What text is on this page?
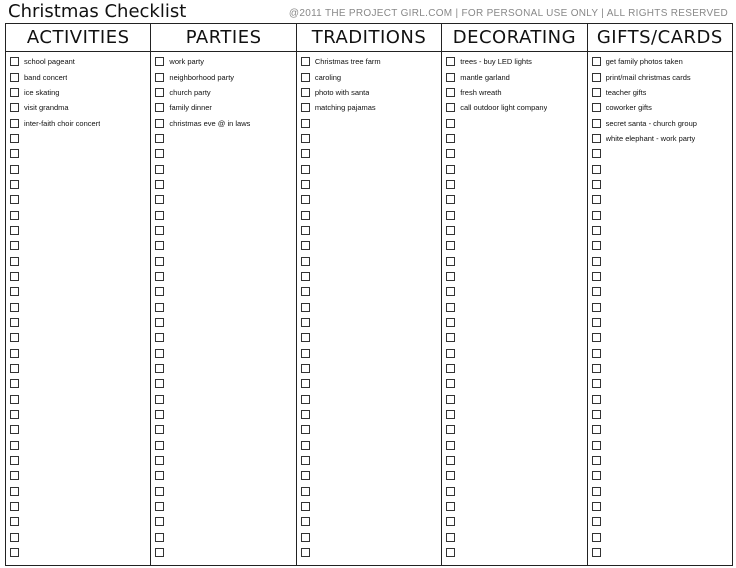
Christmas Checklist	@2011 THE PROJECT GIRL.COM | FOR PERSONAL USE ONLY | ALL RIGHTS RESERVED
ACTIVITIES
school pageant
band concert
ice skating
visit grandma
inter-faith choir concert
PARTIES
work party
neighborhood party
church party
family dinner
christmas eve @ in laws
TRADITIONS
Christmas tree farm
caroling
photo with santa
matching pajamas
DECORATING
trees - buy LED lights
mantle garland
fresh wreath
call outdoor light company
GIFTS/CARDS
get family photos taken
print/mail christmas cards
teacher gifts
coworker gifts
secret santa - church group
white elephant - work party
